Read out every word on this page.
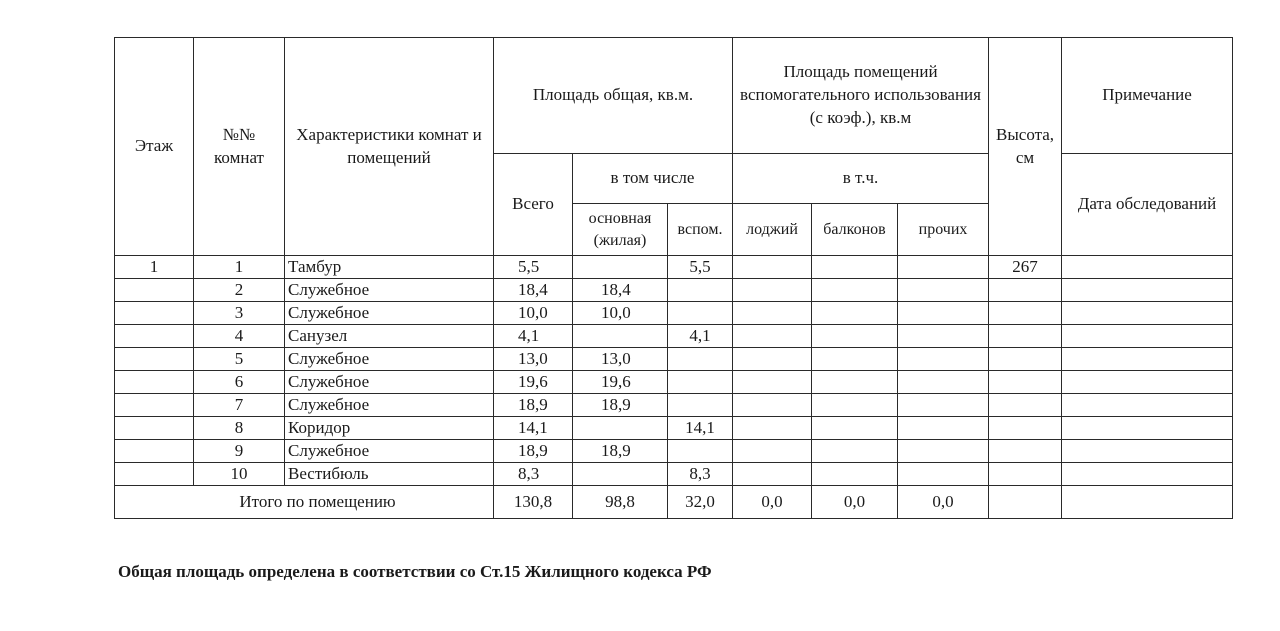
Этаж	№№ комнат	Характеристики комнат и помещений	Площадь общая, кв.м.			Площадь помещений вспомогательного использования (с коэф.), кв.м			Высота, см	Примечание
			Всего	в том числе		в т.ч.				Дата обследований
				основная (жилая)	вспом.	лоджий	балконов	прочих		
1	1	Тамбур	5,5		5,5				267	
	2	Служебное	18,4	18,4						
	3	Служебное	10,0	10,0						
	4	Санузел	4,1		4,1					
	5	Служебное	13,0	13,0						
	6	Служебное	19,6	19,6						
	7	Служебное	18,9	18,9						
	8	Коридор	14,1		14,1					
	9	Служебное	18,9	18,9						
	10	Вестибюль	8,3		8,3					
Итого по помещению			130,8	98,8	32,0	0,0	0,0	0,0		
Общая площадь определена в соответствии со Ст.15 Жилищного кодекса РФ
